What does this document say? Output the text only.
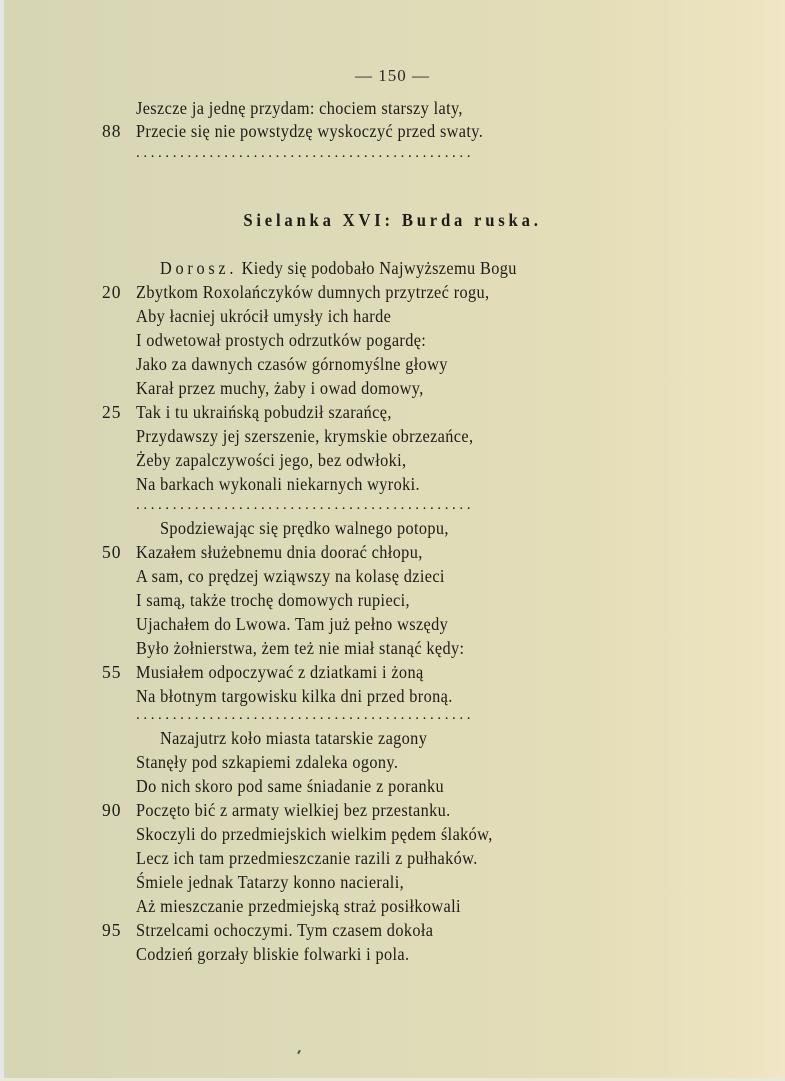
— 150 —
Jeszcze ja jednę przydam: chociem starszy laty,
88 Przecie się nie powstydzę wyskoczyć przed swaty.
..............................................
Sielanka XVI: Burda ruska.
Dorosz. Kiedy się podobało Najwyższemu Bogu
20 Zbytkom Roxolańczyków dumnych przytrzeć rogu,
Aby łacniej ukrócił umysły ich harde
I odwetował prostych odrzutków pogardę:
Jako za dawnych czasów górnomyślne głowy
Karał przez muchy, żaby i owad domowy,
25 Tak i tu ukraińską pobudził szarańcę,
Przydawszy jej szerszenie, krymskie obrzezańce,
Żeby zapalczywości jego, bez odwłoki,
Na barkach wykonali niekarnych wyroki.
..............................................
Spodziewając się prędko walnego potopu,
50 Kazałem służebnemu dnia doorać chłopu,
A sam, co prędzej wziąwszy na kolasę dzieci
I samą, także trochę domowych rupieci,
Ujachałem do Lwowa. Tam już pełno wszędy
Było żołnierstwa, żem też nie miał stanąć kędy:
55 Musiałem odpoczywać z dziatkami i żoną
Na błotnym targowisku kilka dni przed broną.
..............................................
Nazajutrz koło miasta tatarskie zagony
Stanęły pod szkapiemi zdaleka ogony.
Do nich skoro pod same śniadanie z poranku
90 Poczęto bić z armaty wielkiej bez przestanku.
Skoczyli do przedmiejskich wielkim pędem ślaków,
Lecz ich tam przedmieszczanie razili z pułhaków.
Śmiele jednak Tatarzy konno nacierali,
Aż mieszczanie przedmiejską straż posiłkowali
95 Strzelcami ochoczymi. Tym czasem dokoła
Codzień gorzały bliskie folwarki i pola.
